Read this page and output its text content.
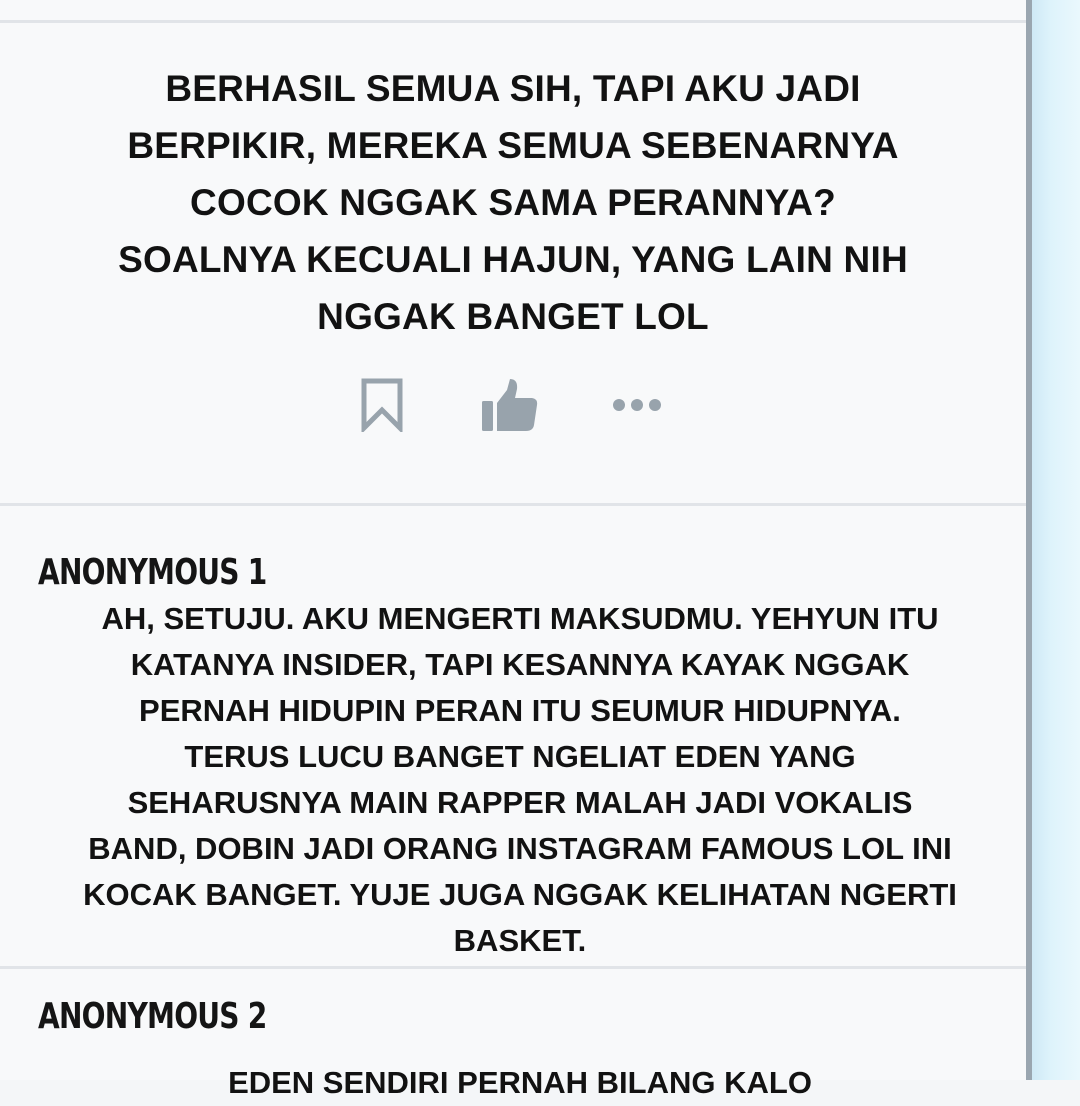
BERHASIL SEMUA SIH, TAPI AKU JADI
BERPIKIR, MEREKA SEMUA SEBENARNYA
COCOK NGGAK SAMA PERANNYA?
SOALNYA KECUALI HAJUN, YANG LAIN NIH
NGGAK BANGET LOL
ANONYMOUS 1
AH, SETUJU. AKU MENGERTI MAKSUDMU. YEHYUN ITU
KATANYA INSIDER, TAPI KESANNYA KAYAK NGGAK
PERNAH HIDUPIN PERAN ITU SEUMUR HIDUPNYA.
TERUS LUCU BANGET NGELIAT EDEN YANG
SEHARUSNYA MAIN RAPPER MALAH JADI VOKALIS
BAND, DOBIN JADI ORANG INSTAGRAM FAMOUS LOL INI
KOCAK BANGET. YUJE JUGA NGGAK KELIHATAN NGERTI
BASKET.
ANONYMOUS 2
EDEN SENDIRI PERNAH BILANG KALO
